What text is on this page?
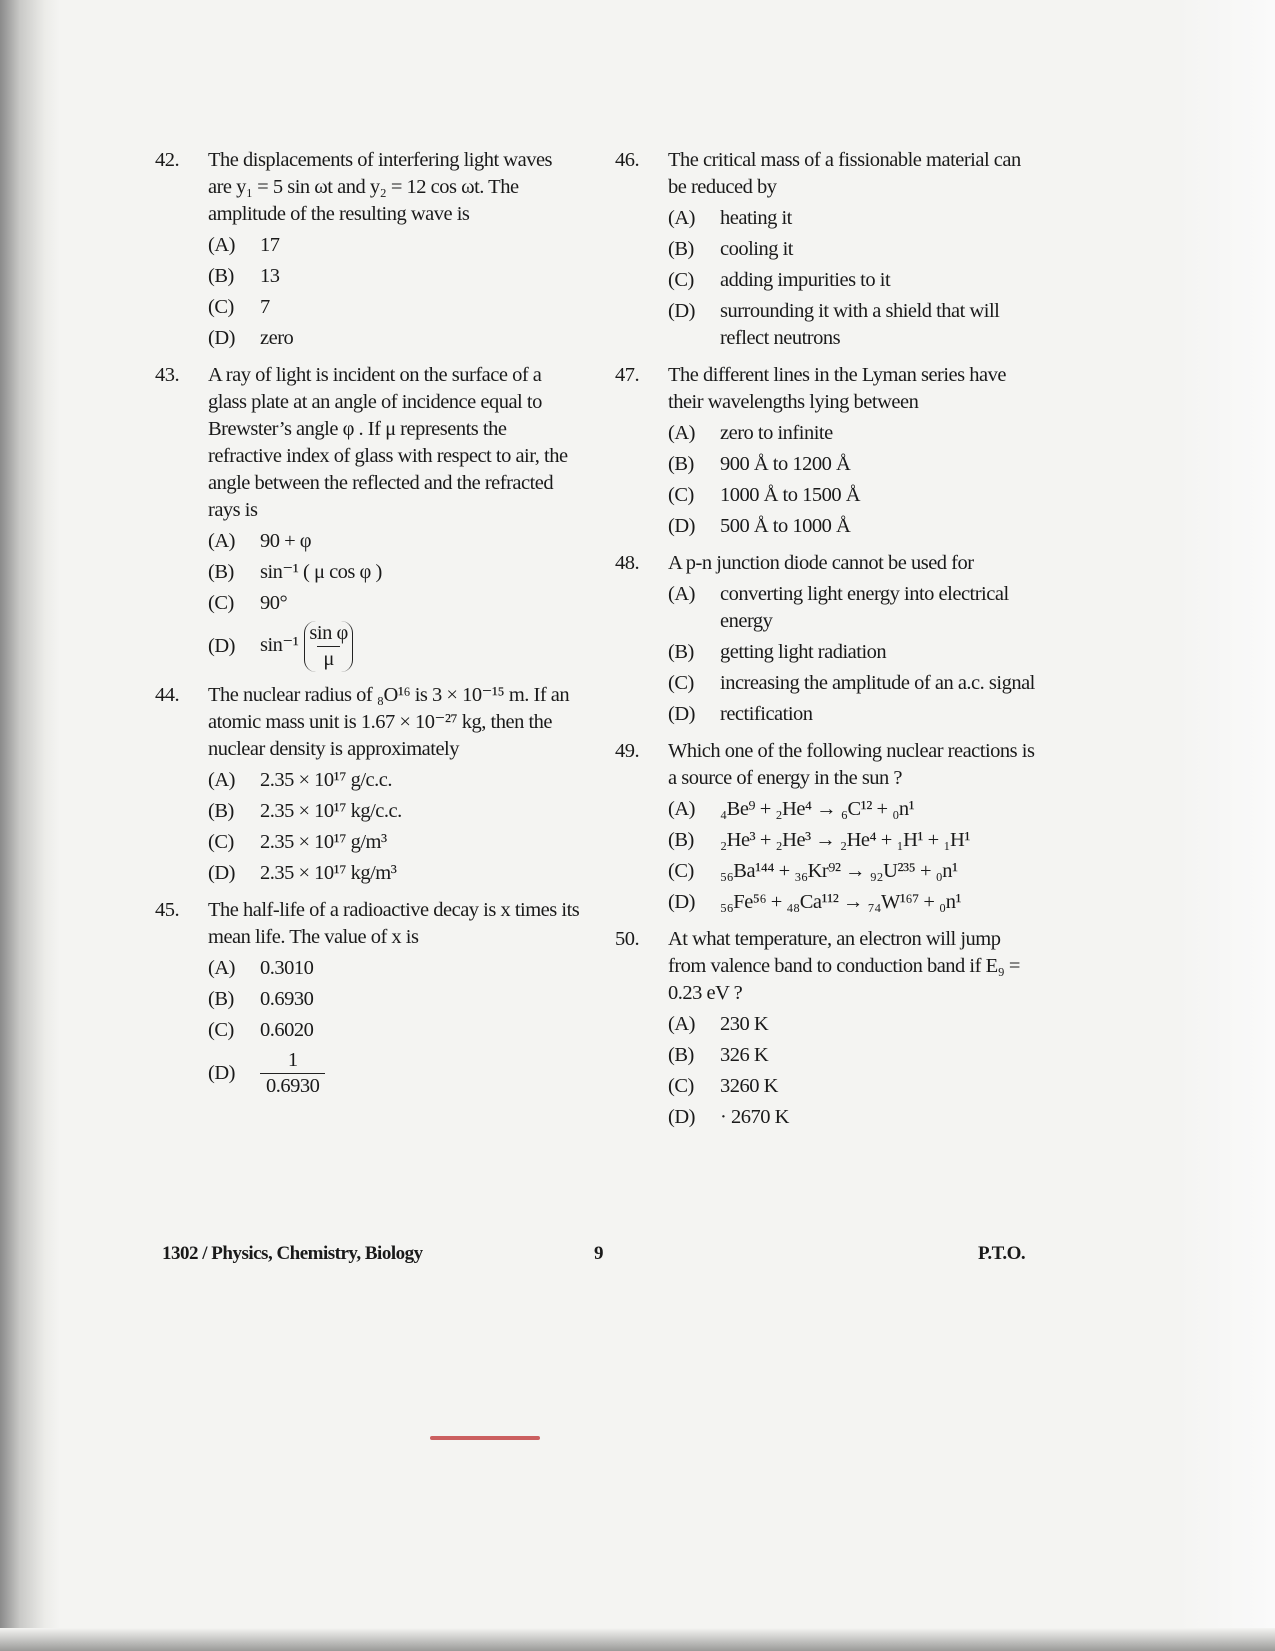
42. The displacements of interfering light waves are y₁ = 5 sin ωt and y₂ = 12 cos ωt. The amplitude of the resulting wave is
(A)	17
(B)	13
(C)	7
(D)	zero
43. A ray of light is incident on the surface of a glass plate at an angle of incidence equal to Brewster’s angle φ . If μ represents the refractive index of glass with respect to air, the angle between the reflected and the refracted rays is
(A)	90 + φ
(B)	sin⁻¹ ( μ cos φ )
(C)	90°
(D)	$\sin^{-1} \frac{\text{sin φ}}{\mu}$
44. The nuclear radius of ₈O¹⁶ is 3 × 10⁻¹⁵ m. If an atomic mass unit is 1.67 × 10⁻²⁷ kg, then the nuclear density is approximately
(A)	2.35 × 10¹⁷ g/c.c.
(B)	2.35 × 10¹⁷ kg/c.c.
(C)	2.35 × 10¹⁷ g/m³
(D)	2.35 × 10¹⁷ kg/m³
45. The half-life of a radioactive decay is x times its mean life. The value of x is
(A)	0.3010
(B)	0.6930
(C)	0.6020
(D)	$\frac{1}{0.6930}$
46. The critical mass of a fissionable material can be reduced by
(A)	heating it
(B)	cooling it
(C)	adding impurities to it
(D)	surrounding it with a shield that will reflect neutrons
47. The different lines in the Lyman series have their wavelengths lying between
(A)	zero to infinite
(B)	900 Å to 1200 Å
(C)	1000 Å to 1500 Å
(D)	500 Å to 1000 Å
48. A p-n junction diode cannot be used for
(A)	converting light energy into electrical energy
(B)	getting light radiation
(C)	increasing the amplitude of an a.c. signal
(D)	rectification
49. Which one of the following nuclear reactions is a source of energy in the sun ?
(A)	₄Be⁹ + ₂He⁴ → ₆C¹² + ₀n¹
(B)	₂He³ + ₂He³ → ₂He⁴ + ₁H¹ + ₁H¹
(C)	₅₆Ba¹⁴⁴ + ₃₆Kr⁹² → ₉₂U²³⁵ + ₀n¹
(D)	₅₆Fe⁵⁶ + ₄₈Ca¹¹² → ₇₄W¹⁶⁷ + ₀n¹
50. At what temperature, an electron will jump from valence band to conduction band if E₉ = 0.23 eV ?
(A)	230 K
(B)	326 K
(C)	3260 K
(D)	· 2670 K
1302 / Physics, Chemistry, Biology	9	P.T.O.
